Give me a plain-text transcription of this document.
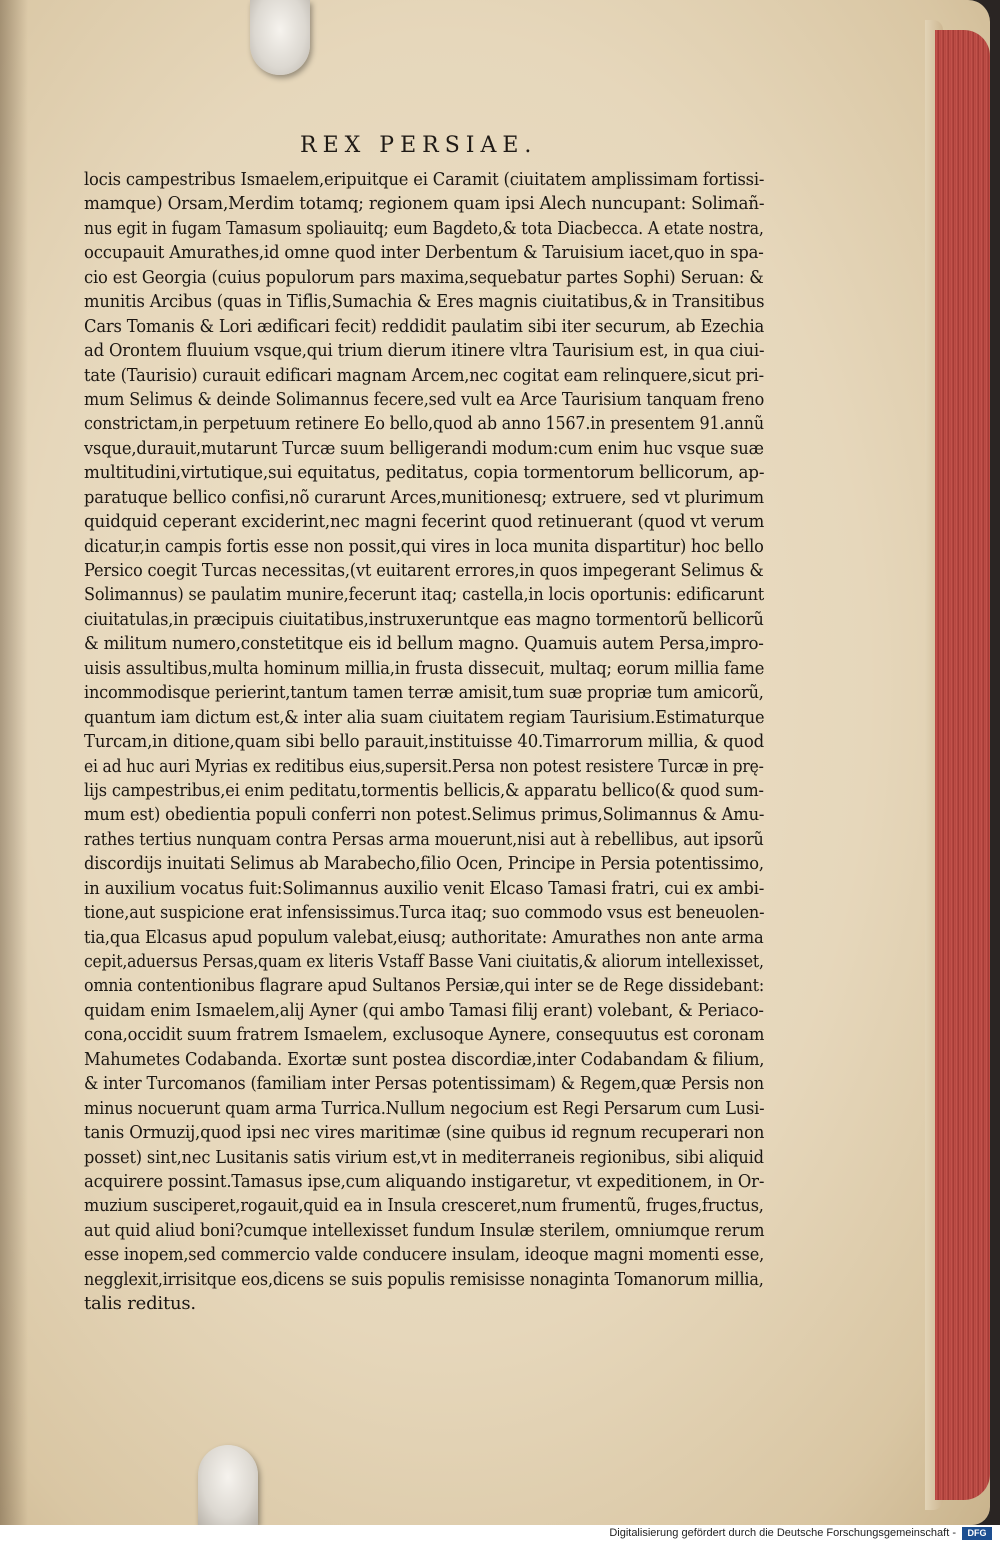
REX PERSIAE.
locis campestribus Ismaelem,eripuitque ei Caramit (ciuitatem amplissimam fortissi-
mamque) Orsam,Merdim totamq; regionem quam ipsi Alech nuncupant: Solimañ-
nus egit in fugam Tamasum spoliauitq; eum Bagdeto,& tota Diacbecca. A etate nostra,
occupauit Amurathes,id omne quod inter Derbentum & Taruisium iacet,quo in spa-
cio est Georgia (cuius populorum pars maxima,sequebatur partes Sophi) Seruan: &
munitis Arcibus (quas in Tiflis,Sumachia & Eres magnis ciuitatibus,& in Transitibus
Cars Tomanis & Lori ædificari fecit) reddidit paulatim sibi iter securum, ab Ezechia
ad Orontem fluuium vsque,qui trium dierum itinere vltra Taurisium est, in qua ciui-
tate (Taurisio) curauit edificari magnam Arcem,nec cogitat eam relinquere,sicut pri-
mum Selimus & deinde Solimannus fecere,sed vult ea Arce Taurisium tanquam freno
constrictam,in perpetuum retinere Eo bello,quod ab anno 1567.in presentem 91.annũ
vsque,durauit,mutarunt Turcæ suum belligerandi modum:cum enim huc vsque suæ
multitudini,virtutique,sui equitatus, peditatus, copia tormentorum bellicorum, ap-
paratuque bellico confisi,nõ curarunt Arces,munitionesq; extruere, sed vt plurimum
quidquid ceperant exciderint,nec magni fecerint quod retinuerant (quod vt verum
dicatur,in campis fortis esse non possit,qui vires in loca munita dispartitur) hoc bello
Persico coegit Turcas necessitas,(vt euitarent errores,in quos impegerant Selimus &
Solimannus) se paulatim munire,fecerunt itaq; castella,in locis oportunis: edificarunt
ciuitatulas,in præcipuis ciuitatibus,instruxeruntque eas magno tormentorũ bellicorũ
& militum numero,constetitque eis id bellum magno. Quamuis autem Persa,impro-
uisis assultibus,multa hominum millia,in frusta dissecuit, multaq; eorum millia fame
incommodisque perierint,tantum tamen terræ amisit,tum suæ propriæ tum amicorũ,
quantum iam dictum est,& inter alia suam ciuitatem regiam Taurisium.Estimaturque
Turcam,in ditione,quam sibi bello parauit,instituisse 40.Timarrorum millia, & quod
ei ad huc auri Myrias ex reditibus eius,supersit.Persa non potest resistere Turcæ in prę-
lijs campestribus,ei enim peditatu,tormentis bellicis,& apparatu bellico(& quod sum-
mum est) obedientia populi conferri non potest.Selimus primus,Solimannus & Amu-
rathes tertius nunquam contra Persas arma mouerunt,nisi aut à rebellibus, aut ipsorũ
discordijs inuitati Selimus ab Marabecho,filio Ocen, Principe in Persia potentissimo,
in auxilium vocatus fuit:Solimannus auxilio venit Elcaso Tamasi fratri, cui ex ambi-
tione,aut suspicione erat infensissimus.Turca itaq; suo commodo vsus est beneuolen-
tia,qua Elcasus apud populum valebat,eiusq; authoritate: Amurathes non ante arma
cepit,aduersus Persas,quam ex literis Vstaff Basse Vani ciuitatis,& aliorum intellexisset,
omnia contentionibus flagrare apud Sultanos Persiæ,qui inter se de Rege dissidebant:
quidam enim Ismaelem,alij Ayner (qui ambo Tamasi filij erant) volebant, & Periaco-
cona,occidit suum fratrem Ismaelem, exclusoque Aynere, consequutus est coronam
Mahumetes Codabanda. Exortæ sunt postea discordiæ,inter Codabandam & filium,
& inter Turcomanos (familiam inter Persas potentissimam) & Regem,quæ Persis non
minus nocuerunt quam arma Turrica.Nullum negocium est Regi Persarum cum Lusi-
tanis Ormuzij,quod ipsi nec vires maritimæ (sine quibus id regnum recuperari non
posset) sint,nec Lusitanis satis virium est,vt in mediterraneis regionibus, sibi aliquid
acquirere possint.Tamasus ipse,cum aliquando instigaretur, vt expeditionem, in Or-
muzium susciperet,rogauit,quid ea in Insula cresceret,num frumentũ, fruges,fructus,
aut quid aliud boni?cumque intellexisset fundum Insulæ sterilem, omniumque rerum
esse inopem,sed commercio valde conducere insulam, ideoque magni momenti esse,
negglexit,irrisitque eos,dicens se suis populis remisisse nonaginta Tomanorum millia,
talis reditus.
Digitalisierung gefördert durch die Deutsche Forschungsgemeinschaft -	DFG
